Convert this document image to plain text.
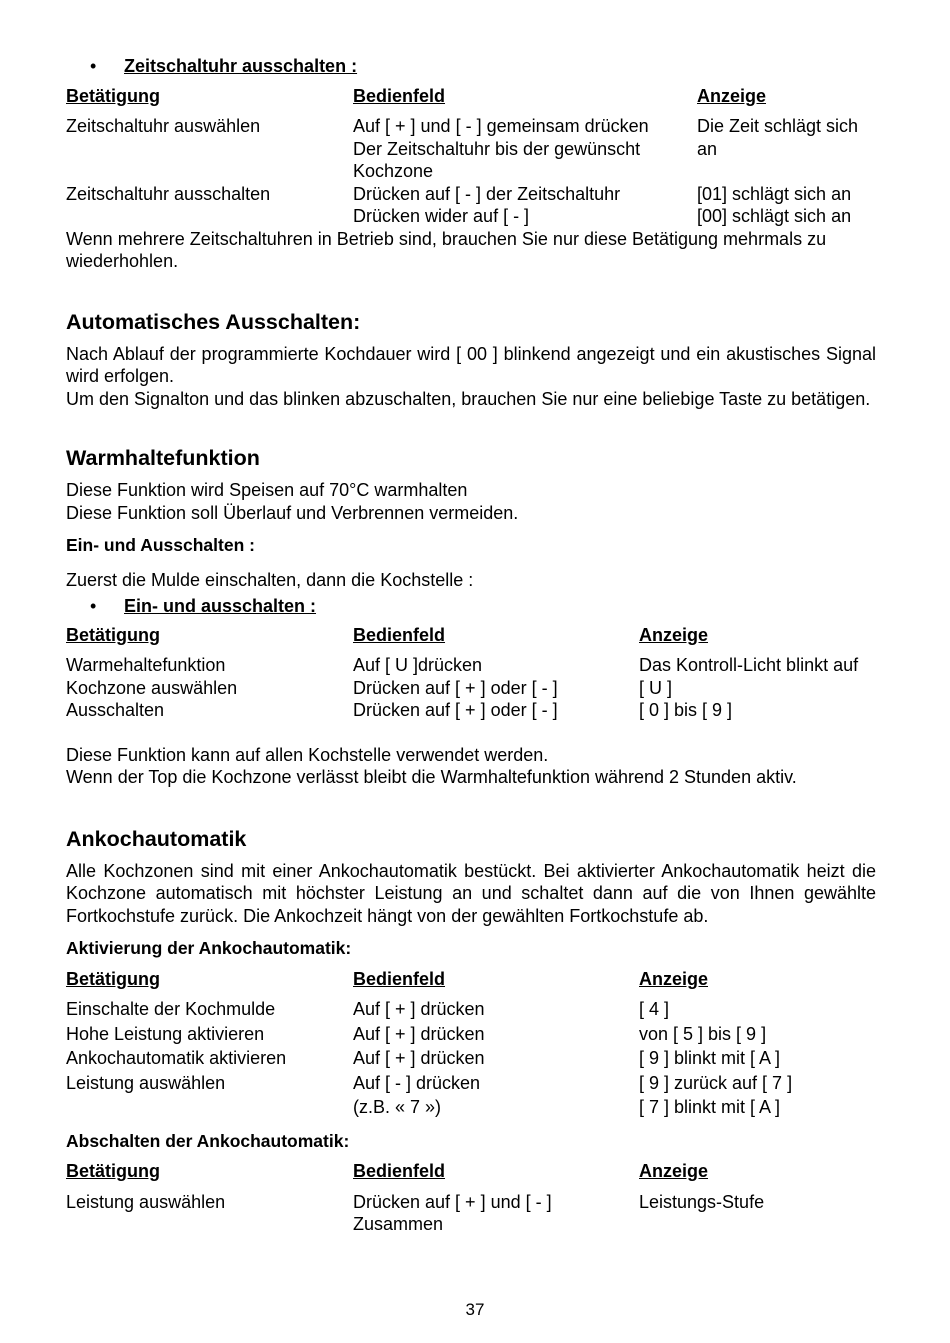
• Zeitschaltuhr ausschalten :
Betätigung	Bedienfeld	Anzeige
Zeitschaltuhr auswählen	Auf [ + ] und [ - ] gemeinsam drücken	Die Zeit schlägt sich
	Der Zeitschaltuhr bis der gewünscht	an
	Kochzone	
Zeitschaltuhr ausschalten	Drücken auf [ - ] der Zeitschaltuhr	[01] schlägt sich an
	Drücken wider auf [ - ]	[00] schlägt sich an

Wenn mehrere Zeitschaltuhren in Betrieb sind, brauchen Sie nur diese Betätigung mehrmals zu wiederhohlen.

Automatisches Ausschalten:

Nach Ablauf der programmierte Kochdauer wird [ 00 ] blinkend angezeigt und ein akustisches Signal wird erfolgen.

Um den Signalton und das blinken abzuschalten, brauchen Sie nur eine beliebige Taste zu betätigen.

Warmhaltefunktion

Diese Funktion wird Speisen auf 70°C warmhalten

Diese Funktion soll Überlauf und Verbrennen vermeiden.

Ein- und Ausschalten :

Zuerst die Mulde einschalten, dann die Kochstelle :

• Ein- und ausschalten :
Betätigung	Bedienfeld	Anzeige
Warmehaltefunktion	Auf [ U ]drücken	Das Kontroll-Licht blinkt auf
Kochzone auswählen	Drücken auf [ + ] oder [ - ]	[ U ]
Ausschalten	Drücken auf [ + ] oder [ - ]	[ 0 ] bis [ 9 ]

Diese Funktion kann auf allen Kochstelle verwendet werden.

Wenn der Top die Kochzone verlässt bleibt die Warmhaltefunktion während 2 Stunden aktiv.

Ankochautomatik

Alle Kochzonen sind mit einer Ankochautomatik bestückt. Bei aktivierter Ankochautomatik heizt die Kochzone automatisch mit höchster Leistung an und schaltet dann auf die von Ihnen gewählte Fortkochstufe zurück. Die Ankochzeit hängt von der gewählten Fortkochstufe ab.

Aktivierung der Ankochautomatik:

Betätigung	Bedienfeld	Anzeige
Einschalte der Kochmulde	Auf [ + ] drücken	[ 4 ]
Hohe Leistung aktivieren	Auf [ + ] drücken	von [ 5 ] bis [ 9 ]
Ankochautomatik aktivieren	Auf [ + ] drücken	[ 9 ] blinkt mit [ A ]
Leistung auswählen	Auf [ - ] drücken	[ 9 ] zurück auf [ 7 ]
	(z.B. « 7 »)	[ 7 ] blinkt mit [ A ]

Abschalten der Ankochautomatik:

Betätigung	Bedienfeld	Anzeige
Leistung auswählen	Drücken auf [ + ] und [ - ]	Leistungs-Stufe
	Zusammen	
37
